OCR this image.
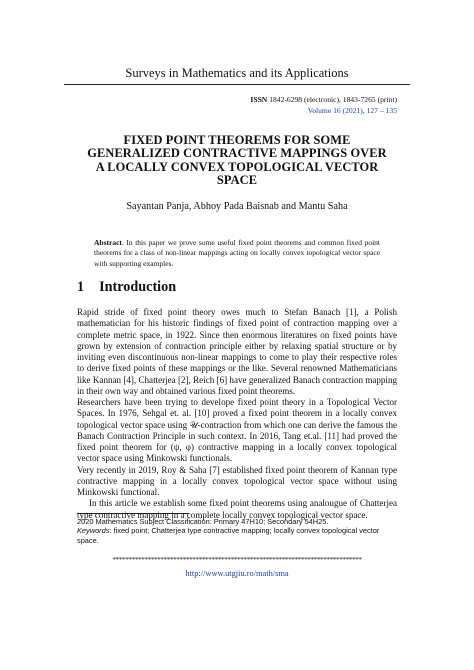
Surveys in Mathematics and its Applications
ISSN 1842-6298 (electronic), 1843-7265 (print)
Volume 16 (2021), 127 – 135
FIXED POINT THEOREMS FOR SOME
GENERALIZED CONTRACTIVE MAPPINGS OVER
A LOCALLY CONVEX TOPOLOGICAL VECTOR
SPACE
Sayantan Panja, Abhoy Pada Baisnab and Mantu Saha
Abstract. In this paper we prove some useful fixed point theorems and common fixed point theorems for a class of non-linear mappings acting on locally convex topological vector space with supporting examples.
1 Introduction

Rapid stride of fixed point theory owes much to Stefan Banach [1], a Polish mathematician for his historic findings of fixed point of contraction mapping over a complete metric space, in 1922. Since then enormous literatures on fixed points have grown by extension of contraction principle either by relaxing spatial structure or by inviting even discontinuous non-linear mappings to come to play their respective roles to derive fixed points of these mappings or the like. Several renowned Mathematicians like Kannan [4], Chatterjea [2], Reich [6] have generalized Banach contraction mapping in their own way and obtained various fixed point theorems.

Researchers have been trying to develope fixed point theory in a Topological Vector Spaces. In 1976, Sehgal et. al. [10] proved a fixed point theorem in a locally convex topological vector space using 𝒰-contraction from which one can derive the famous the Banach Contraction Principle in such context. In 2016, Tang et.al. [11] had proved the fixed point theorem for (ψ, φ) contractive mapping in a locally convex topological vector space using Minkowski functionals.

Very recently in 2019, Roy & Saha [7] established fixed point theorem of Kannan type contractive mapping in a locally convex topological vector space without using Minkowski functional.

In this article we establish some fixed point theorems using analougue of Chatterjea type contractive mapping in a complete locally convex topological vector space.

2020 Mathematics Subject Classification: Primary 47H10; Secondary 54H25.

Keywords: fixed point; Chatterjea type contractive mapping; locally convex topological vector space.

******************************************************************************
http://www.utgjiu.ro/math/sma
